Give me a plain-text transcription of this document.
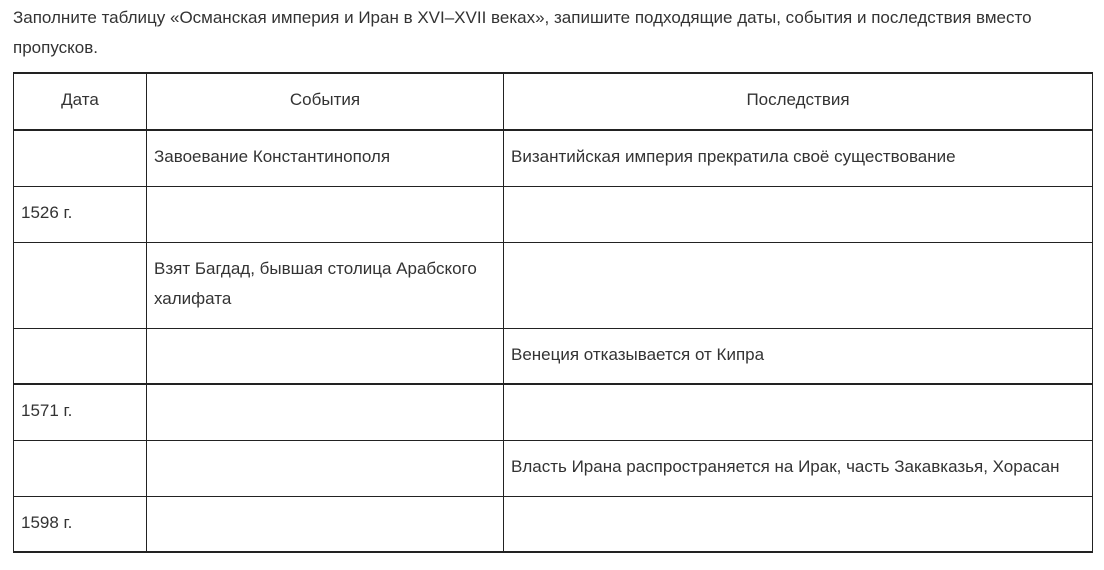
Заполните таблицу «Османская империя и Иран в XVI–XVII веках», запишите подходящие даты, события и последствия вместо
пропусков.
Дата	События	Последствия
	Завоевание Константинополя	Византийская империя прекратила своё существование
1526 г.		
	Взят Багдад, бывшая столица Арабского халифата	
		Венеция отказывается от Кипра
1571 г.		
		Власть Ирана распространяется на Ирак, часть Закавказья, Хорасан
1598 г.		
